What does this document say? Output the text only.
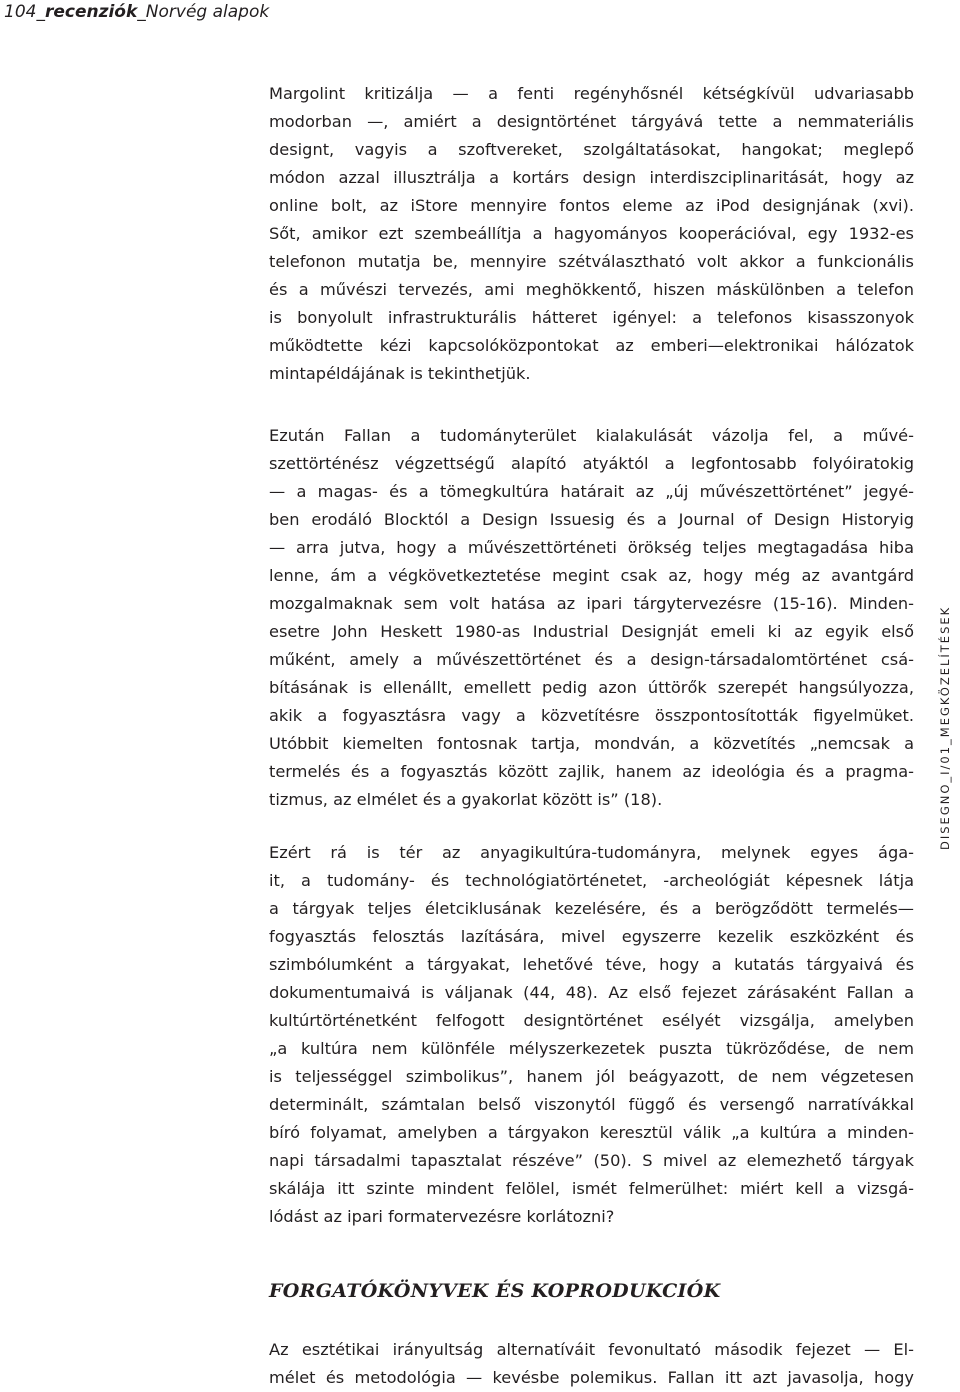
104_recenziók_Norvég alapok
DISEGNO_I/01_MEGKÖZELÍTÉSEK
Margolint kritizálja — a fenti regényhősnél kétségkívül udvariasabb
modorban —, amiért a designtörténet tárgyává tette a nemmateriális
designt, vagyis a szoftvereket, szolgáltatásokat, hangokat; meglepő
módon azzal illusztrálja a kortárs design interdiszciplinaritását, hogy az
online bolt, az iStore mennyire fontos eleme az iPod designjának (xvi).
Sőt, amikor ezt szembeállítja a hagyományos kooperációval, egy 1932-es
telefonon mutatja be, mennyire szétválasztható volt akkor a funkcionális
és a művészi tervezés, ami meghökkentő, hiszen máskülönben a telefon
is bonyolult infrastrukturális hátteret igényel: a telefonos kisasszonyok
működtette kézi kapcsolóközpontokat az emberi—elektronikai hálózatok
mintapéldájának is tekinthetjük.
Ezután Fallan a tudományterület kialakulását vázolja fel, a művé-
szettörténész végzettségű alapító atyáktól a legfontosabb folyóiratokig
— a magas- és a tömegkultúra határait az „új művészettörténet” jegyé-
ben erodáló Blocktól a Design Issuesig és a Journal of Design Historyig
— arra jutva, hogy a művészettörténeti örökség teljes megtagadása hiba
lenne, ám a végkövetkeztetése megint csak az, hogy még az avantgárd
mozgalmaknak sem volt hatása az ipari tárgytervezésre (15-16). Minden-
esetre John Heskett 1980-as Industrial Designját emeli ki az egyik első
műként, amely a művészettörténet és a design-társadalomtörténet csá-
bításának is ellenállt, emellett pedig azon úttörők szerepét hangsúlyozza,
akik a fogyasztásra vagy a közvetítésre összpontosították figyelmüket.
Utóbbit kiemelten fontosnak tartja, mondván, a közvetítés „nemcsak a
termelés és a fogyasztás között zajlik, hanem az ideológia és a pragma-
tizmus, az elmélet és a gyakorlat között is” (18).
Ezért rá is tér az anyagikultúra-tudományra, melynek egyes ága-
it, a tudomány- és technológiatörténetet, -archeológiát képesnek látja
a tárgyak teljes életciklusának kezelésére, és a berögződött termelés—
fogyasztás felosztás lazítására, mivel egyszerre kezelik eszközként és
szimbólumként a tárgyakat, lehetővé téve, hogy a kutatás tárgyaivá és
dokumentumaivá is váljanak (44, 48). Az első fejezet zárásaként Fallan a
kultúrtörténetként felfogott designtörténet esélyét vizsgálja, amelyben
„a kultúra nem különféle mélyszerkezetek puszta tükröződése, de nem
is teljességgel szimbolikus”, hanem jól beágyazott, de nem végzetesen
determinált, számtalan belső viszonytól függő és versengő narratívákkal
bíró folyamat, amelyben a tárgyakon keresztül válik „a kultúra a minden-
napi társadalmi tapasztalat részéve” (50). S mivel az elemezhető tárgyak
skálája itt szinte mindent felölel, ismét felmerülhet: miért kell a vizsgá-
lódást az ipari formatervezésre korlátozni?
FORGATÓKÖNYVEK ÉS KOPRODUKCIÓK
Az esztétikai irányultság alternatíváit fevonultató második fejezet — El-
mélet és metodológia — kevésbe polemikus. Fallan itt azt javasolja, hogy
